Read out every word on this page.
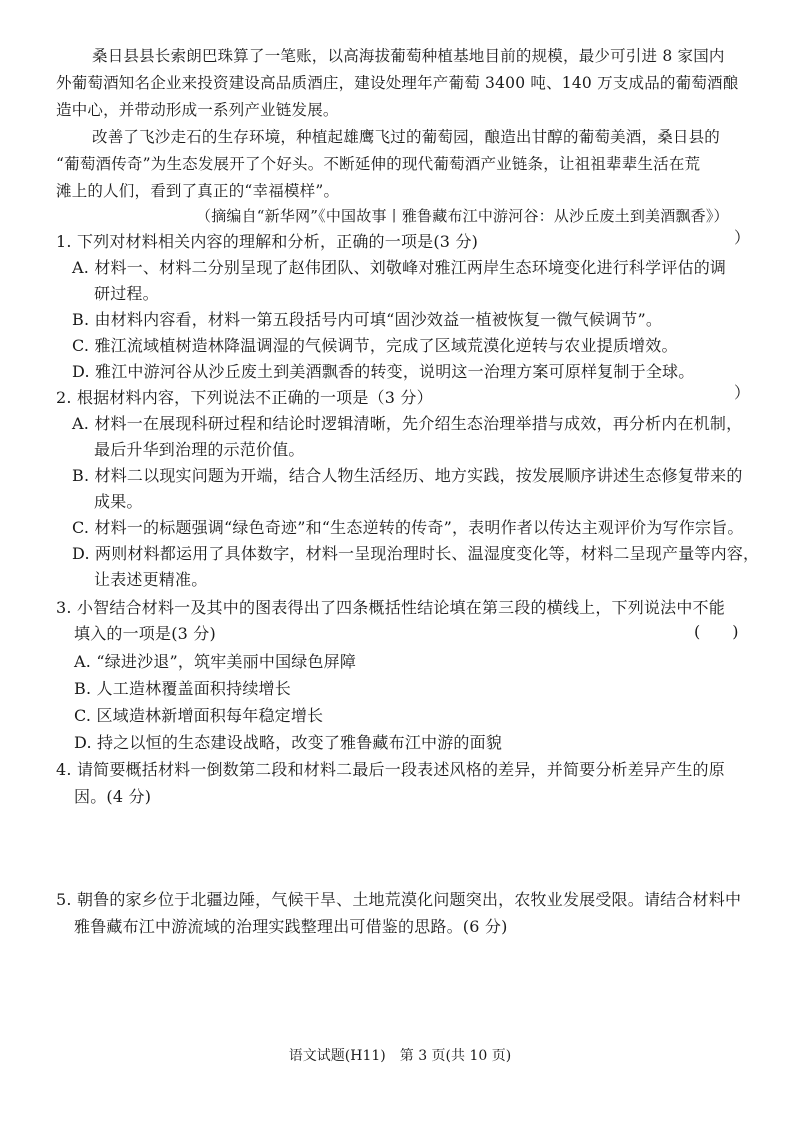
桑日县县长索朗巴珠算了一笔账，以高海拔葡萄种植基地目前的规模，最少可引进 8 家国内
外葡萄酒知名企业来投资建设高品质酒庄，建设处理年产葡萄 3400 吨、140 万支成品的葡萄酒酿
造中心，并带动形成一系列产业链发展。
改善了飞沙走石的生存环境，种植起雄鹰飞过的葡萄园，酿造出甘醇的葡萄美酒，桑日县的
“葡萄酒传奇”为生态发展开了个好头。不断延伸的现代葡萄酒产业链条，让祖祖辈辈生活在荒
滩上的人们，看到了真正的“幸福模样”。
（摘编自“新华网”《中国故事丨雅鲁藏布江中游河谷：从沙丘废土到美酒飘香》）
1. 下列对材料相关内容的理解和分析，正确的一项是(3 分)	）
A. 材料一、材料二分别呈现了赵伟团队、刘敬峰对雅江两岸生态环境变化进行科学评估的调
研过程。
B. 由材料内容看，材料一第五段括号内可填“固沙效益一植被恢复一微气候调节”。
C. 雅江流域植树造林降温调湿的气候调节，完成了区域荒漠化逆转与农业提质增效。
D. 雅江中游河谷从沙丘废土到美酒飘香的转变，说明这一治理方案可原样复制于全球。
2. 根据材料内容，下列说法不正确的一项是（3 分）	）
A. 材料一在展现科研过程和结论时逻辑清晰，先介绍生态治理举措与成效，再分析内在机制，
最后升华到治理的示范价值。
B. 材料二以现实问题为开端，结合人物生活经历、地方实践，按发展顺序讲述生态修复带来的
成果。
C. 材料一的标题强调“绿色奇迹”和“生态逆转的传奇”，表明作者以传达主观评价为写作宗旨。
D. 两则材料都运用了具体数字，材料一呈现治理时长、温湿度变化等，材料二呈现产量等内容，
让表述更精准。
3. 小智结合材料一及其中的图表得出了四条概括性结论填在第三段的横线上，下列说法中不能
填入的一项是(3 分)	(　　)
A. “绿进沙退”，筑牢美丽中国绿色屏障
B. 人工造林覆盖面积持续增长
C. 区域造林新增面积每年稳定增长
D. 持之以恒的生态建设战略，改变了雅鲁藏布江中游的面貌
4. 请简要概括材料一倒数第二段和材料二最后一段表述风格的差异，并简要分析差异产生的原
因。(4 分)
5. 朝鲁的家乡位于北疆边陲，气候干旱、土地荒漠化问题突出，农牧业发展受限。请结合材料中
雅鲁藏布江中游流域的治理实践整理出可借鉴的思路。(6 分)
语文试题(H11)　第 3 页(共 10 页)
